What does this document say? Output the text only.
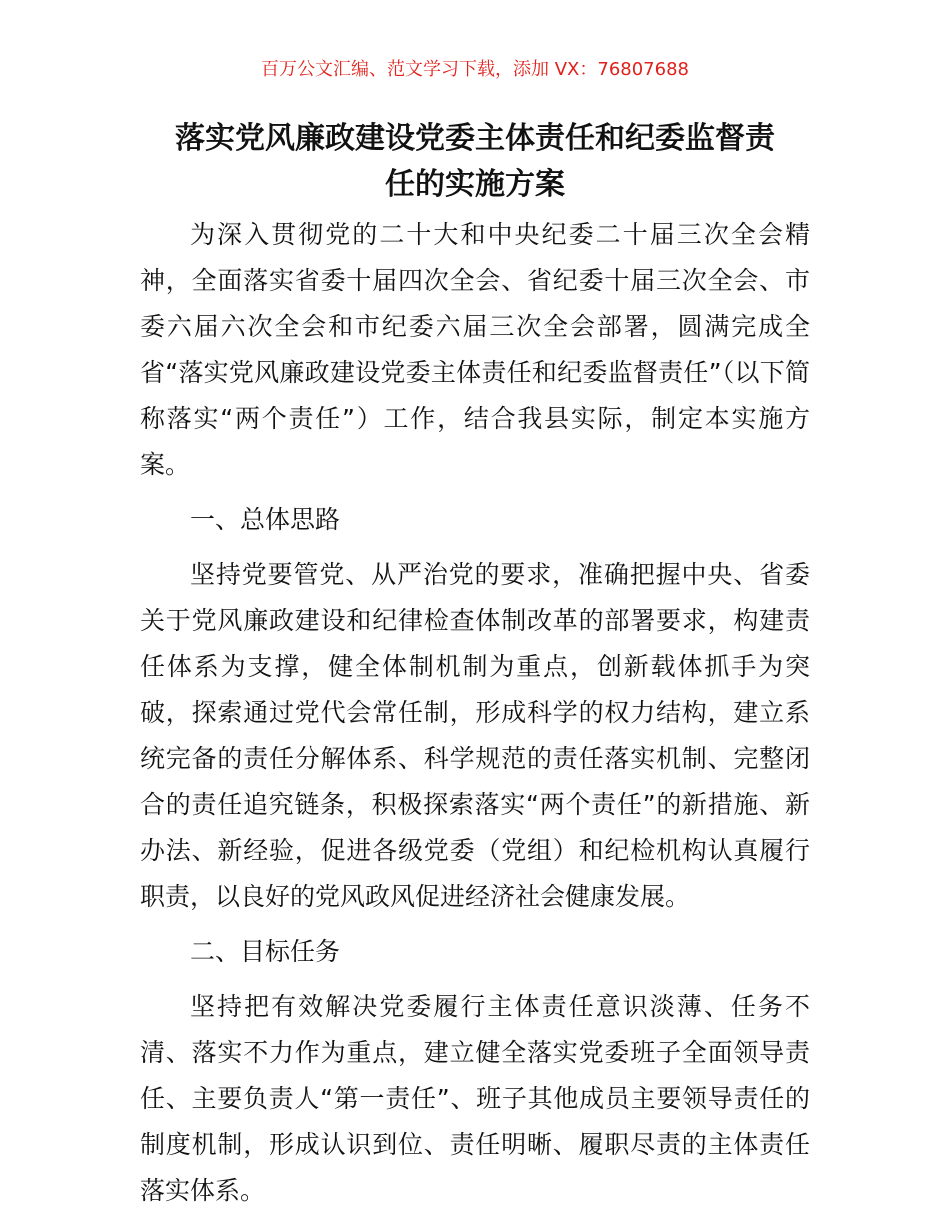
百万公文汇编、范文学习下载，添加 VX：76807688
落实党风廉政建设党委主体责任和纪委监督责
任的实施方案

为深入贯彻党的二十大和中央纪委二十届三次全会精神，全面落实省委十届四次全会、省纪委十届三次全会、市委六届六次全会和市纪委六届三次全会部署，圆满完成全省“落实党风廉政建设党委主体责任和纪委监督责任”（以下简称落实“两个责任”）工作，结合我县实际，制定本实施方案。

一、总体思路

坚持党要管党、从严治党的要求，准确把握中央、省委关于党风廉政建设和纪律检查体制改革的部署要求，构建责任体系为支撑，健全体制机制为重点，创新载体抓手为突破，探索通过党代会常任制，形成科学的权力结构，建立系统完备的责任分解体系、科学规范的责任落实机制、完整闭合的责任追究链条，积极探索落实“两个责任”的新措施、新办法、新经验，促进各级党委（党组）和纪检机构认真履行职责，以良好的党风政风促进经济社会健康发展。

二、目标任务

坚持把有效解决党委履行主体责任意识淡薄、任务不清、落实不力作为重点，建立健全落实党委班子全面领导责任、主要负责人“第一责任”、班子其他成员主要领导责任的制度机制，形成认识到位、责任明晰、履职尽责的主体责任落实体系。
